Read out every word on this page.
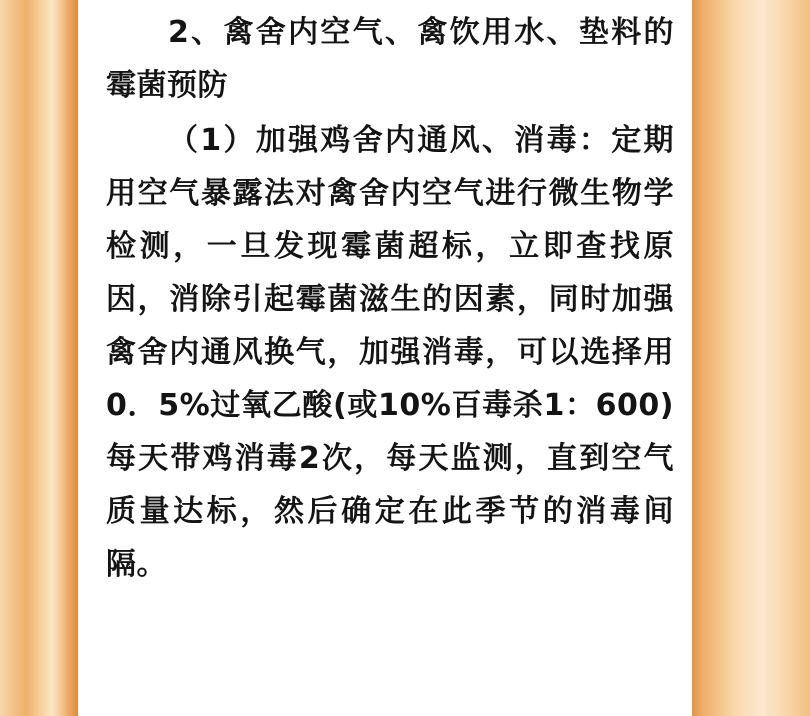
2、禽舍内空气、禽饮用水、垫料的霉菌预防

（1）加强鸡舍内通风、消毒：定期用空气暴露法对禽舍内空气进行微生物学检测，一旦发现霉菌超标，立即查找原因，消除引起霉菌滋生的因素，同时加强禽舍内通风换气，加强消毒，可以选择用0．5%过氧乙酸(或10%百毒杀1：600)每天带鸡消毒2次，每天监测，直到空气质量达标，然后确定在此季节的消毒间隔。
